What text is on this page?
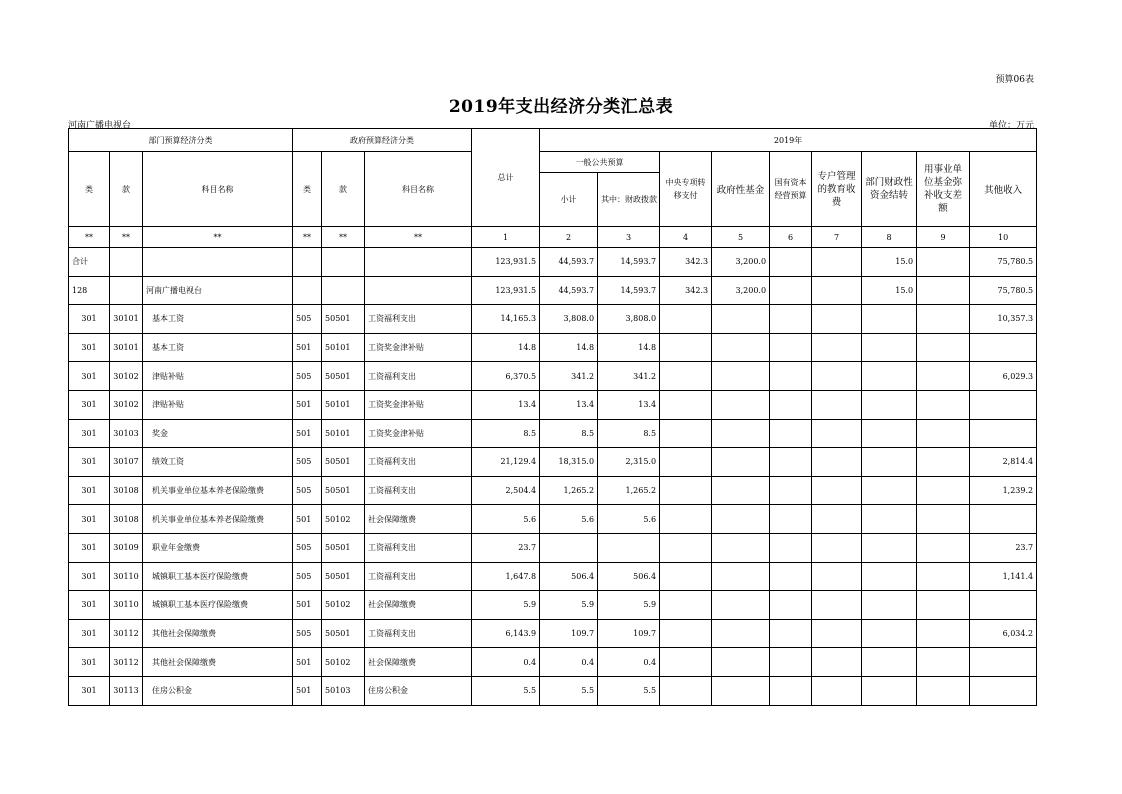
预算06表
2019年支出经济分类汇总表
河南广播电视台	单位：万元
部门预算经济分类			政府预算经济分类			总计	2019年								
类	款	科目名称	类	款	科目名称		一般公共预算		中央专项转移支付	政府性基金	国有资本经营预算	专户管理的教育收费	部门财政性资金结转	用事业单位基金弥补收支差额	其他收入
							小计	其中：财政拨款							
**	**	**	**	**	**	1	2	3	4	5	6	7	8	9	10
合计						123,931.5	44,593.7	14,593.7	342.3	3,200.0			15.0		75,780.5
128		河南广播电视台				123,931.5	44,593.7	14,593.7	342.3	3,200.0			15.0		75,780.5
301	30101	基本工资	505	50501	工资福利支出	14,165.3	3,808.0	3,808.0							10,357.3
301	30101	基本工资	501	50101	工资奖金津补贴	14.8	14.8	14.8							
301	30102	津贴补贴	505	50501	工资福利支出	6,370.5	341.2	341.2							6,029.3
301	30102	津贴补贴	501	50101	工资奖金津补贴	13.4	13.4	13.4							
301	30103	奖金	501	50101	工资奖金津补贴	8.5	8.5	8.5							
301	30107	绩效工资	505	50501	工资福利支出	21,129.4	18,315.0	2,315.0							2,814.4
301	30108	机关事业单位基本养老保险缴费	505	50501	工资福利支出	2,504.4	1,265.2	1,265.2							1,239.2
301	30108	机关事业单位基本养老保险缴费	501	50102	社会保障缴费	5.6	5.6	5.6							
301	30109	职业年金缴费	505	50501	工资福利支出	23.7									23.7
301	30110	城镇职工基本医疗保险缴费	505	50501	工资福利支出	1,647.8	506.4	506.4							1,141.4
301	30110	城镇职工基本医疗保险缴费	501	50102	社会保障缴费	5.9	5.9	5.9							
301	30112	其他社会保障缴费	505	50501	工资福利支出	6,143.9	109.7	109.7							6,034.2
301	30112	其他社会保障缴费	501	50102	社会保障缴费	0.4	0.4	0.4							
301	30113	住房公积金	501	50103	住房公积金	5.5	5.5	5.5							
